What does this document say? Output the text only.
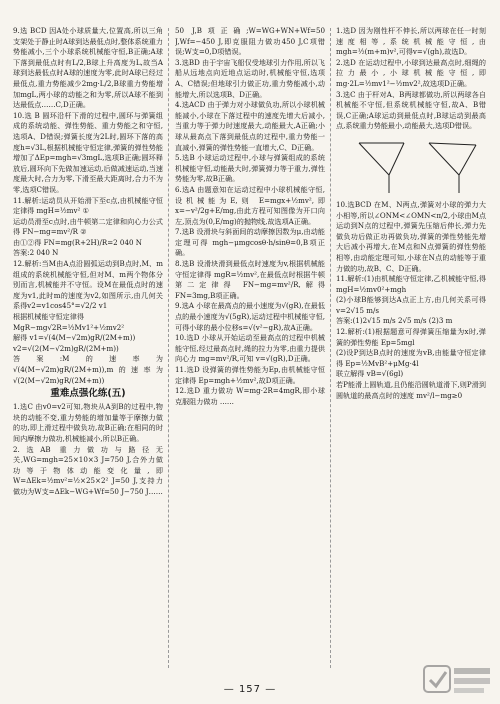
9.选 BCD 因A处小球质量大,位置高,所以三角支架处于静止时A球到达最低点时,整体系统重力势能减小,三个小球系统机械能守恒,B正确;A球下落到最低点时有L/2,B球上升高度为L,故当A球到达最低点时A球的速度为零,此时A球已经过最低点,重力势能减少2mg·L/2,B球重力势能增加mgL,两小球的动能之和为零,所以A球不能到达最低点……C,D正确。

10.选 B 圆环沿杆下滑的过程中,圆环与弹簧组成的系统动能、弹性势能、重力势能之和守恒,选项A、D错误;弹簧长度为2L时,圆环下落的高度h=√3L,根据机械能守恒定律,弹簧的弹性势能增加了ΔEp=mgh=√3mgL,选项B正确;圆环释放后,圆环向下先做加速运动,后做减速运动,当速度最大时,合力为零,下滑至最大距离时,合力不为零,选项C错误。

11.解析:运动员从开始滑下至c点,由机械能守恒定律得 mgH=½mv² ①

运动员滑至c点时,由牛顿第二定律和向心力公式得 FN−mg=mv²/R ②

由①②得 FN=mg(R+2H)/R=2 040 N

答案:2 040 N

12.解析:当M由A点沿圆弧运动到B点时,M、m组成的系统机械能守恒,但对M、m两个物体分别而言,机械能并不守恒。设M在最低点时的速度为v1,此时m的速度为v2,如图所示,由几何关系得v2=v1cos45°=√2/2 v1

根据机械能守恒定律得

MgR−mg√2R=½Mv1²+½mv2²

解得 v1=√(4(M−√2m)gR/(2M+m))

v2=√(2(M−√2m)gR/(2M+m))

答案:M的速率为√(4(M−√2m)gR/(2M+m)),m的速率为√(2(M−√2m)gR/(2M+m))

重难点强化练(五)

1.选C 由v0=v2可知,物块从A到B的过程中,物块的动能不变,重力势能的增加量等于摩擦力做的功,即上滑过程中做负功,故B正确;在相同的时间内摩擦力做功,机械能减小,所以B正确。

2.选AB 重力做功与路径无关,WG=mgh=25×10×3 J=750 J,合外力做功等于物体动能变化量,即 W=ΔEk=½mv²=½×25×2² J=50 J,支持力做功为W支=ΔEk−WG+Wf=50 J−750 J……

50 J,B项正确;W=WG+WN+Wf=50 J,Wf=−450 J,即克服阻力做功450 J,C项错误;W支=0,D项错误。

3.选BD 由于宇宙飞船仅受地球引力作用,所以飞船从远地点向近地点运动时,机械能守恒,选项A、C错误;但地球引力做正功,重力势能减小,动能增大,所以选项B、D正确。

4.选ACD 由于弹力对小球做负功,所以小球机械能减小,小球在下落过程中的速度先增大后减小,当重力等于弹力时速度最大,动能最大,A正确;小球从最高点下落到最低点的过程中,重力势能一直减小,弹簧的弹性势能一直增大,C、D正确。

5.选B 小球运动过程中,小球与弹簧组成的系统机械能守恒,动能最大时,弹簧弹力等于重力,弹性势能为零,故B正确。

6.选A 由题意知在运动过程中小球机械能守恒,设机械能为E,则 E=mgx+½mv²,即 x=−v²/2g+E/mg,由此方程可知图像为开口向左,顶点为(0,E/mg)的抛物线,故选项A正确。

7.选B 设滑块与斜面间的动摩擦因数为μ,由动能定理可得 mgh−μmgcosθ·h/sinθ=0,B项正确。

8.选B 设滑块滑到最低点时速度为v,根据机械能守恒定律得 mgR=½mv²,在最低点时根据牛顿第二定律得 FN−mg=mv²/R,解得FN=3mg,B项正确。

9.选A 小球在最高点的最小速度为√(gR),在最低点的最小速度为√(5gR),运动过程中机械能守恒,可得小球的最小位移s=√(v²−gR),故A正确。

10.选D 小球从开始运动至最高点的过程中机械能守恒,经过最高点时,绳的拉力为零,由重力提供向心力 mg=mv²/R,可知 v=√(gR),D正确。

11.选D 设弹簧的弹性势能为Ep,由机械能守恒定律得 Ep=mgh+½mv²,故D项正确。

12.选D 重力做功 W=mg·2R=4mgR,即小球克服阻力做功 ……

1.选D 因为刚性杆不伸长,所以两球在任一时刻速度相等,系统机械能守恒,由 mgh=½(m+m)v²,可得v=√(gh),故选D。

2.选D 在运动过程中,小球到达最高点时,细绳的拉力最小,小球机械能守恒,即 mg·2L=½mv1²−½mv2²,故选项D正确。

3.选C 由于杆对A、B两球都做功,所以两球各自机械能不守恒,但系统机械能守恒,故A、B错误,C正确;A球运动到最低点时,B球运动到最高点,系统重力势能最小,动能最大,选项D错误。

10.选BCD 在M、N两点,弹簧对小球的弹力大小相等,所以∠ONM<∠OMN<π/2,小球由M点运动到N点的过程中,弹簧先压缩后伸长,弹力先做负功后做正功再做负功,弹簧的弹性势能先增大后减小再增大,在M点和N点弹簧的弹性势能相等,由动能定理可知,小球在N点的动能等于重力做的功,故B、C、D正确。

11.解析:(1)由机械能守恒定律,乙机械能守恒,得 mgH=½mv0²+mgh

(2)小球B能够到达A点正上方,由几何关系可得 v=2√15 m/s

答案:(1)2√15 m/s 2√5 m/s (2)3 m

12.解析:(1)根据题意可得弹簧压缩量为x时,弹簧的弹性势能 Ep=5mgl

(2)设P到达B点时的速度为vB,由能量守恒定律得 Ep=½MvB²+μMg·4l

联立解得 vB=√(6gl)

若P能滑上圆轨道,且仍能沿圆轨道滑下,则P滑到圆轨道的最高点时的速度 mv²/l−mg≥0

— 157 —
